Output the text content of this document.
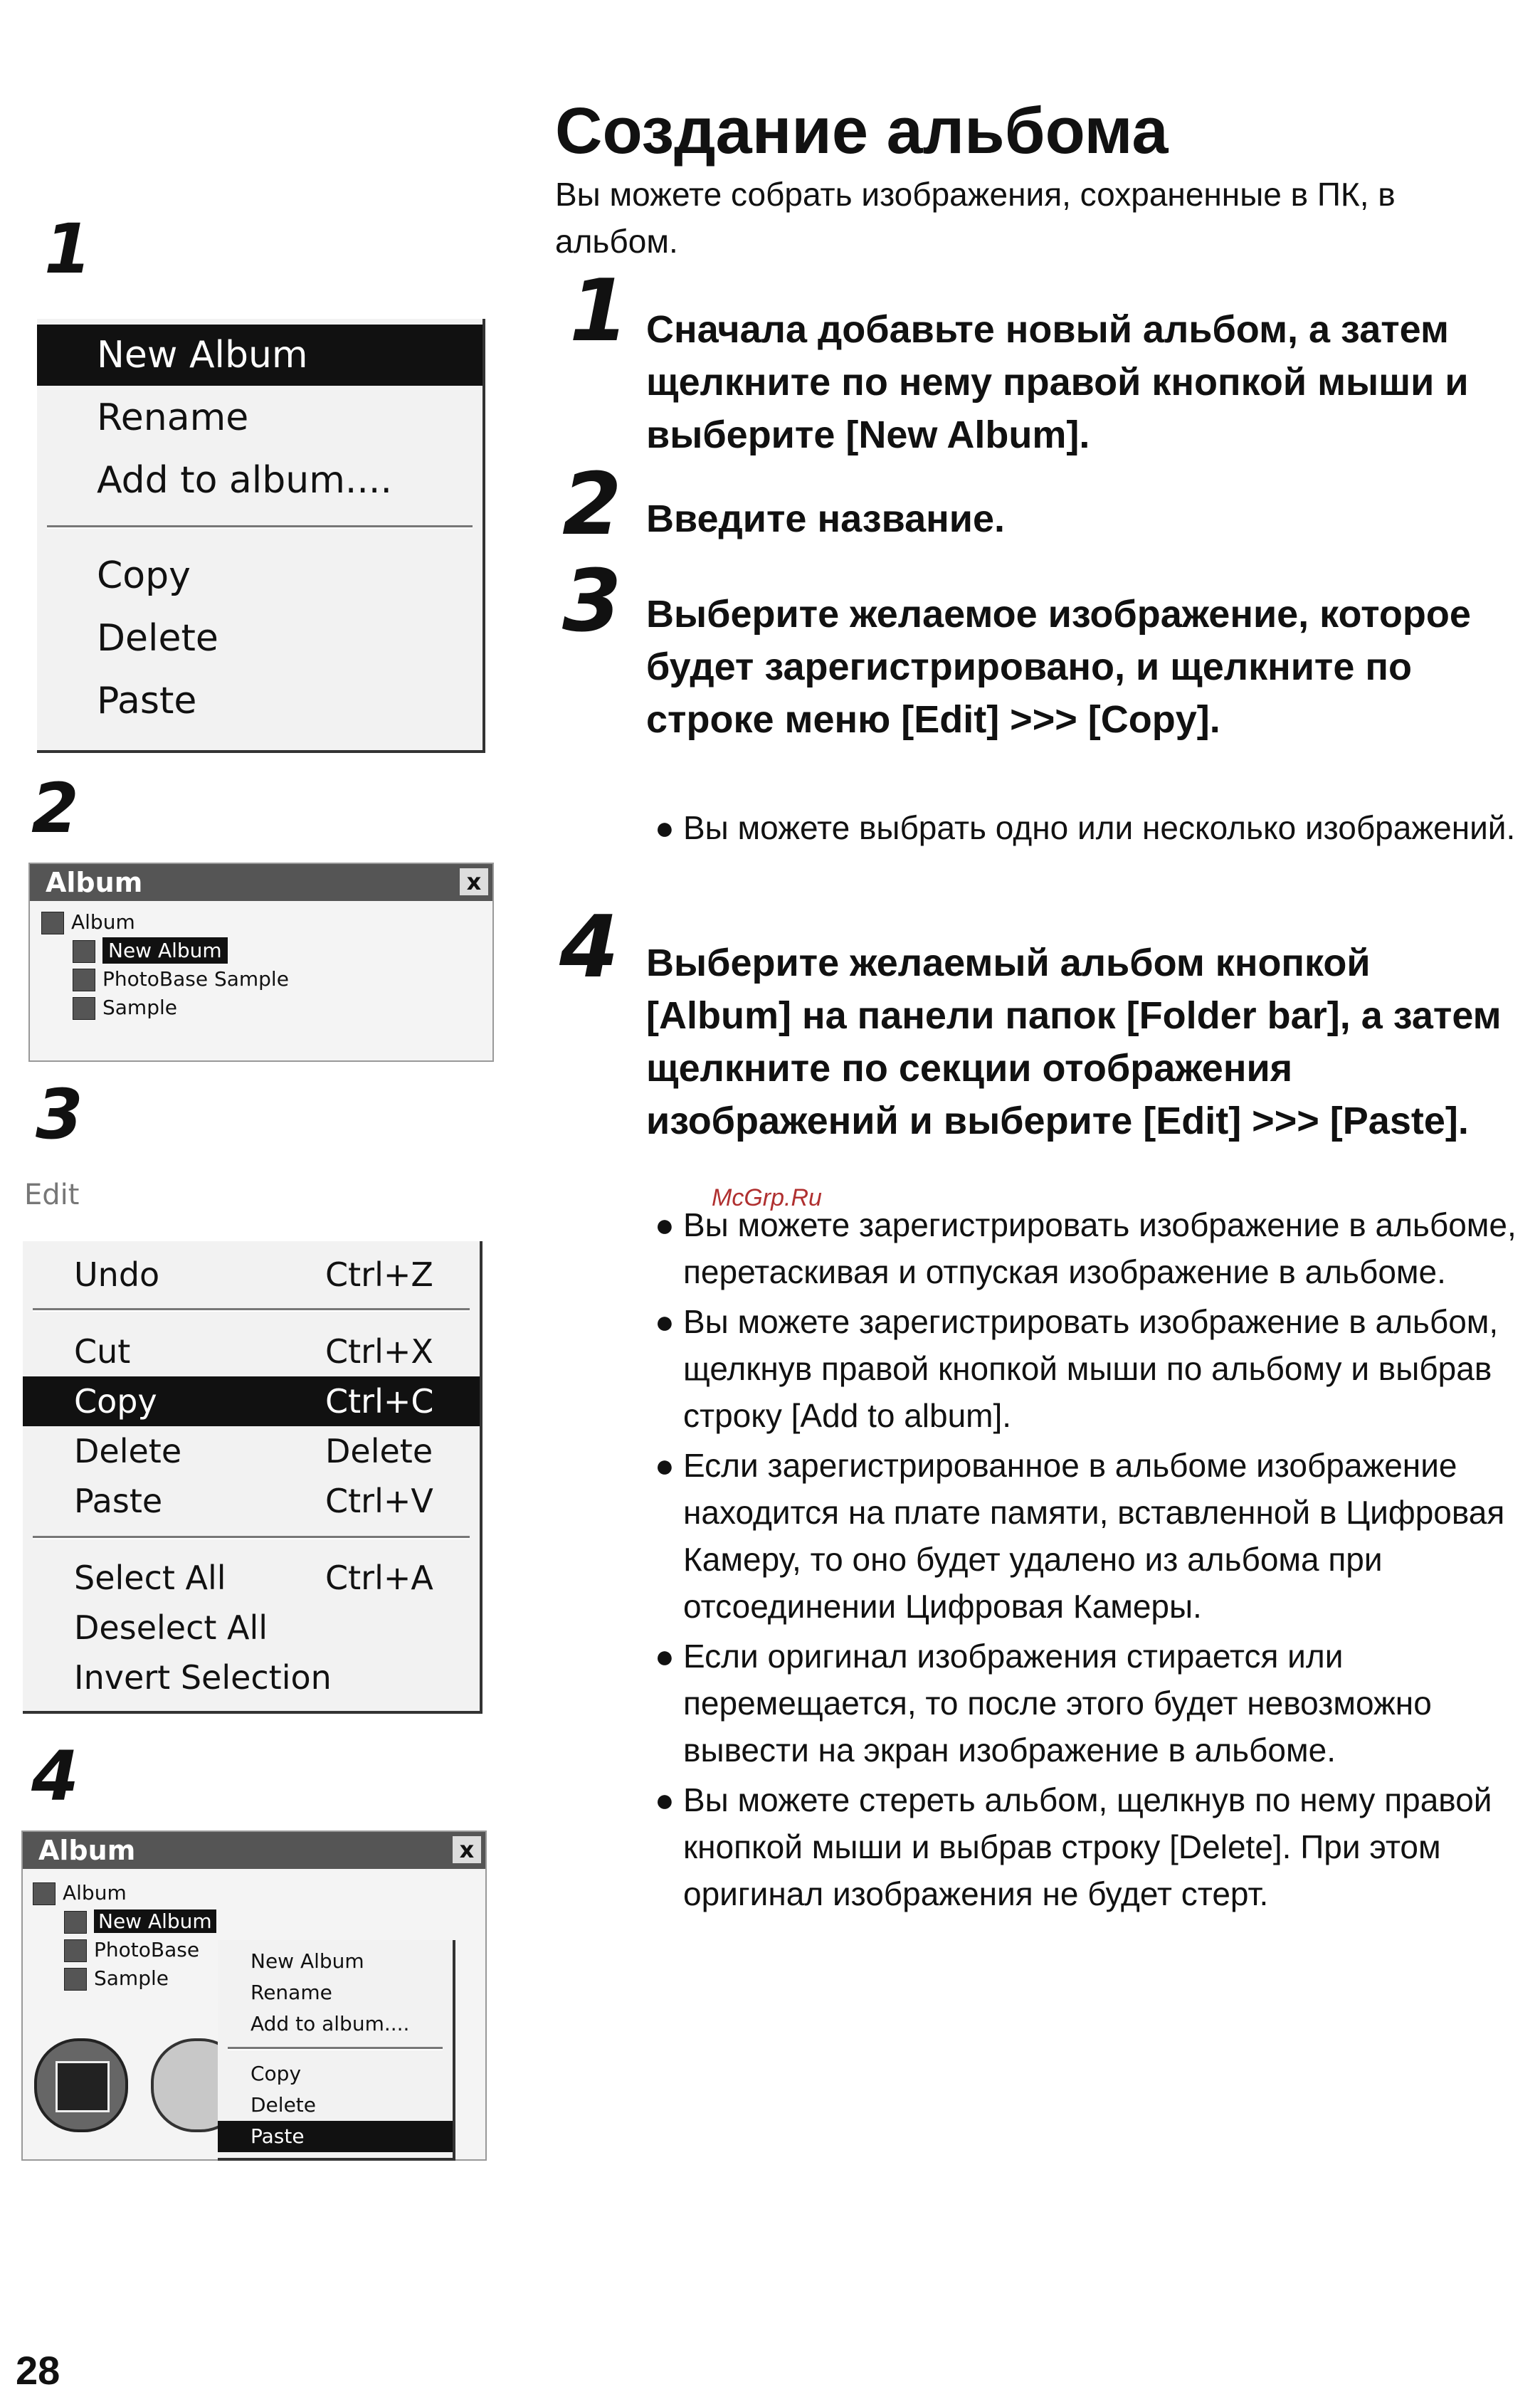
1
New Album
Rename
Add to album....
Copy
Delete
Paste
2
Album	x
Album
New Album
PhotoBase Sample
Sample
3
Edit
Undo	Ctrl+Z
Cut	Ctrl+X
Copy	Ctrl+C
Delete	Delete
Paste	Ctrl+V
Select All	Ctrl+A
Deselect All
Invert Selection
4
Album	x
Album
New Album
PhotoBase
Sample
New Album
Rename
Add to album....
Copy
Delete
Paste
Создание альбома
Вы можете собрать изображения, сохраненные в ПК, в альбом.
1 Сначала добавьте новый альбом, а затем щелкните по нему правой кнопкой мыши и выберите [New Album].
2 Введите название.
3 Выберите желаемое изображение, которое будет зарегистрировано, и щелкните по строке меню [Edit] >>> [Copy].
● Вы можете выбрать одно или несколько изображений.
4 Выберите желаемый альбом кнопкой [Album] на панели папок [Folder bar], а затем щелкните по секции отображения изображений и выберите [Edit] >>> [Paste].
● Вы можете зарегистрировать изображение в альбоме, перетаскивая и отпуская изображение в альбоме.
● Вы можете зарегистрировать изображение в альбом, щелкнув правой кнопкой мыши по альбому и выбрав строку [Add to album].
● Если зарегистрированное в альбоме изображение находится на плате памяти, вставленной в Цифровая Камеру, то оно будет удалено из альбома при отсоединении Цифровая Камеры.
● Если оригинал изображения стирается или перемещается, то после этого будет невозможно вывести на экран изображение в альбоме.
● Вы можете стереть альбом, щелкнув по нему правой кнопкой мыши и выбрав строку [Delete]. При этом оригинал изображения не будет стерт.
McGrp.Ru
28
